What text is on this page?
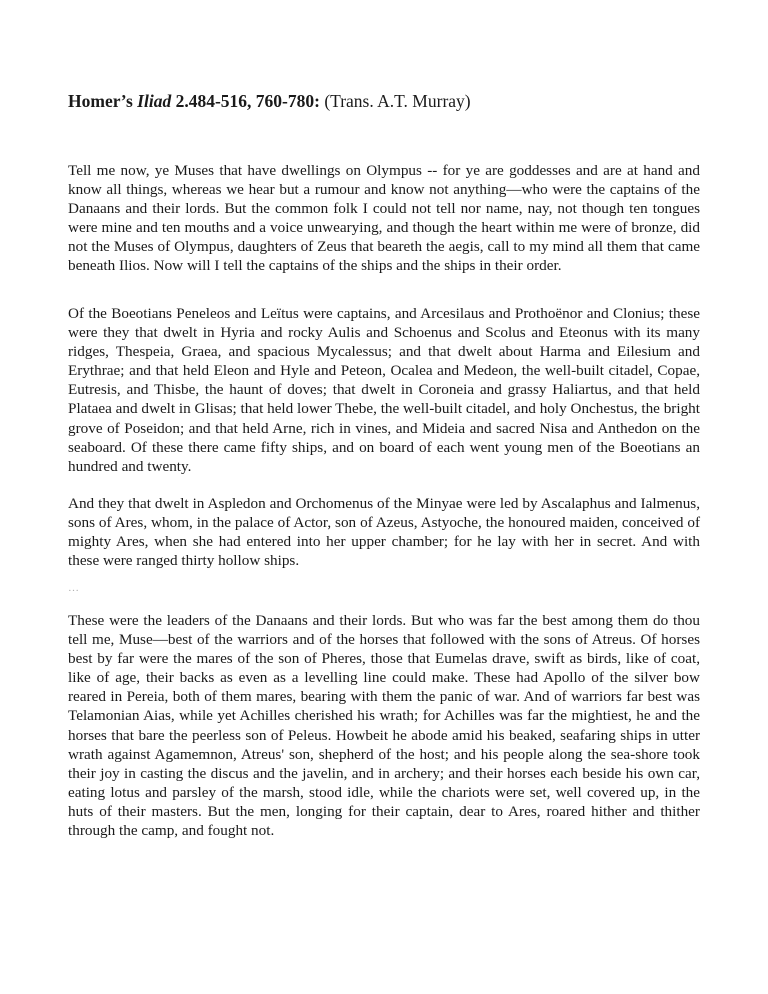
Homer’s Iliad 2.484-516, 760-780: (Trans. A.T. Murray)

Tell me now, ye Muses that have dwellings on Olympus -- for ye are goddesses and are at hand and know all things, whereas we hear but a rumour and know not anything—who were the captains of the Danaans and their lords. But the common folk I could not tell nor name, nay, not though ten tongues were mine and ten mouths and a voice unwearying, and though the heart within me were of bronze, did not the Muses of Olympus, daughters of Zeus that beareth the aegis, call to my mind all them that came beneath Ilios. Now will I tell the captains of the ships and the ships in their order.

Of the Boeotians Peneleos and Leïtus were captains, and Arcesilaus and Prothoënor and Clonius; these were they that dwelt in Hyria and rocky Aulis and Schoenus and Scolus and Eteonus with its many ridges, Thespeia, Graea, and spacious Mycalessus; and that dwelt about Harma and Eilesium and Erythrae; and that held Eleon and Hyle and Peteon, Ocalea and Medeon, the well-built citadel, Copae, Eutresis, and Thisbe, the haunt of doves; that dwelt in Coroneia and grassy Haliartus, and that held Plataea and dwelt in Glisas; that held lower Thebe, the well-built citadel, and holy Onchestus, the bright grove of Poseidon; and that held Arne, rich in vines, and Mideia and sacred Nisa and Anthedon on the seaboard. Of these there came fifty ships, and on board of each went young men of the Boeotians an hundred and twenty.

And they that dwelt in Aspledon and Orchomenus of the Minyae were led by Ascalaphus and Ialmenus, sons of Ares, whom, in the palace of Actor, son of Azeus, Astyoche, the honoured maiden, conceived of mighty Ares, when she had entered into her upper chamber; for he lay with her in secret. And with these were ranged thirty hollow ships.

…

These were the leaders of the Danaans and their lords. But who was far the best among them do thou tell me, Muse—best of the warriors and of the horses that followed with the sons of Atreus. Of horses best by far were the mares of the son of Pheres, those that Eumelas drave, swift as birds, like of coat, like of age, their backs as even as a levelling line could make. These had Apollo of the silver bow reared in Pereia, both of them mares, bearing with them the panic of war. And of warriors far best was Telamonian Aias, while yet Achilles cherished his wrath; for Achilles was far the mightiest, he and the horses that bare the peerless son of Peleus. Howbeit he abode amid his beaked, seafaring ships in utter wrath against Agamemnon, Atreus' son, shepherd of the host; and his people along the sea-shore took their joy in casting the discus and the javelin, and in archery; and their horses each beside his own car, eating lotus and parsley of the marsh, stood idle, while the chariots were set, well covered up, in the huts of their masters. But the men, longing for their captain, dear to Ares, roared hither and thither through the camp, and fought not.
